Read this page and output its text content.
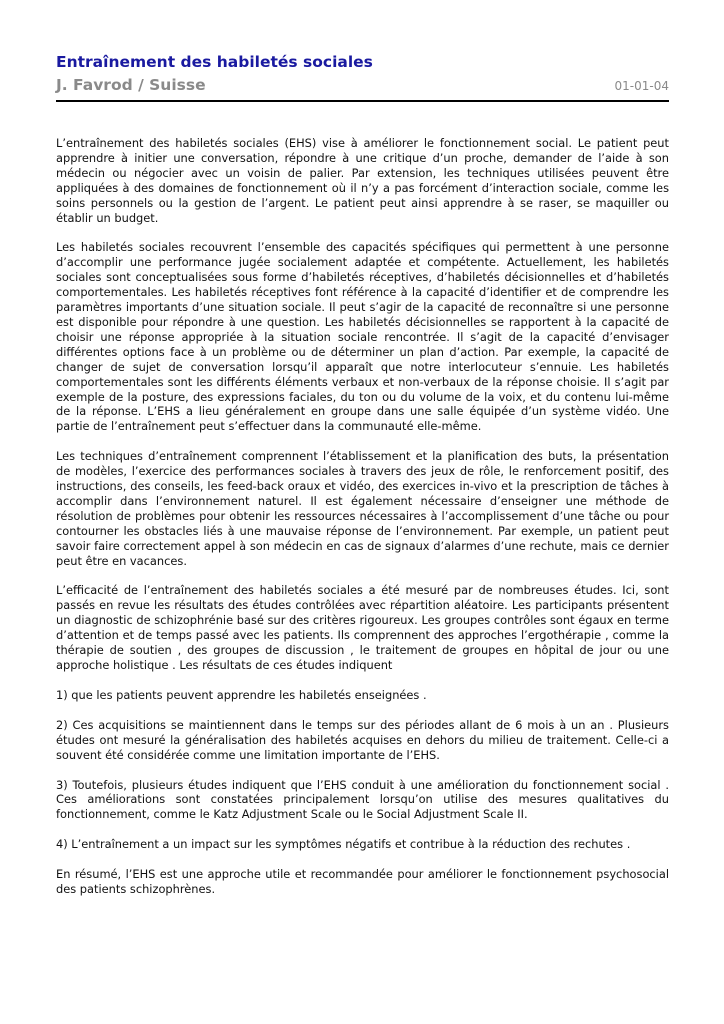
Entraînement des habiletés sociales
J. Favrod / Suisse	01-01-04

L’entraînement des habiletés sociales (EHS) vise à améliorer le fonctionnement social. Le patient peut apprendre à initier une conversation, répondre à une critique d’un proche, demander de l’aide à son médecin ou négocier avec un voisin de palier. Par extension, les techniques utilisées peuvent être appliquées à des domaines de fonctionnement où il n’y a pas forcément d’interaction sociale, comme les soins personnels ou la gestion de l’argent. Le patient peut ainsi apprendre à se raser, se maquiller ou établir un budget.

Les habiletés sociales recouvrent l’ensemble des capacités spécifiques qui permettent à une personne d’accomplir une performance jugée socialement adaptée et compétente. Actuellement, les habiletés sociales sont conceptualisées sous forme d’habiletés réceptives, d’habiletés décisionnelles et d’habiletés comportementales. Les habiletés réceptives font référence à la capacité d’identifier et de comprendre les paramètres importants d’une situation sociale. Il peut s’agir de la capacité de reconnaître si une personne est disponible pour répondre à une question. Les habiletés décisionnelles se rapportent à la capacité de choisir une réponse appropriée à la situation sociale rencontrée. Il s’agit de la capacité d’envisager différentes options face à un problème ou de déterminer un plan d’action. Par exemple, la capacité de changer de sujet de conversation lorsqu’il apparaît que notre interlocuteur s’ennuie. Les habiletés comportementales sont les différents éléments verbaux et non-verbaux de la réponse choisie. Il s’agit par exemple de la posture, des expressions faciales, du ton ou du volume de la voix, et du contenu lui-même de la réponse. L’EHS a lieu généralement en groupe dans une salle équipée d’un système vidéo. Une partie de l’entraînement peut s’effectuer dans la communauté elle-même.

Les techniques d’entraînement comprennent l’établissement et la planification des buts, la présentation de modèles, l’exercice des performances sociales à travers des jeux de rôle, le renforcement positif, des instructions, des conseils, les feed-back oraux et vidéo, des exercices in-vivo et la prescription de tâches à accomplir dans l’environnement naturel. Il est également nécessaire d’enseigner une méthode de résolution de problèmes pour obtenir les ressources nécessaires à l’accomplissement d’une tâche ou pour contourner les obstacles liés à une mauvaise réponse de l’environnement. Par exemple, un patient peut savoir faire correctement appel à son médecin en cas de signaux d’alarmes d’une rechute, mais ce dernier peut être en vacances.

L’efficacité de l’entraînement des habiletés sociales a été mesuré par de nombreuses études. Ici, sont passés en revue les résultats des études contrôlées avec répartition aléatoire. Les participants présentent un diagnostic de schizophrénie basé sur des critères rigoureux. Les groupes contrôles sont égaux en terme d’attention et de temps passé avec les patients. Ils comprennent des approches l’ergothérapie , comme la thérapie de soutien , des groupes de discussion , le traitement de groupes en hôpital de jour ou une approche holistique . Les résultats de ces études indiquent

1) que les patients peuvent apprendre les habiletés enseignées .

2) Ces acquisitions se maintiennent dans le temps sur des périodes allant de 6 mois à un an . Plusieurs études ont mesuré la généralisation des habiletés acquises en dehors du milieu de traitement. Celle-ci a souvent été considérée comme une limitation importante de l’EHS.

3) Toutefois, plusieurs études indiquent que l’EHS conduit à une amélioration du fonctionnement social . Ces améliorations sont constatées principalement lorsqu’on utilise des mesures qualitatives du fonctionnement, comme le Katz Adjustment Scale ou le Social Adjustment Scale II.

4) L’entraînement a un impact sur les symptômes négatifs et contribue à la réduction des rechutes .

En résumé, l’EHS est une approche utile et recommandée pour améliorer le fonctionnement psychosocial des patients schizophrènes.
